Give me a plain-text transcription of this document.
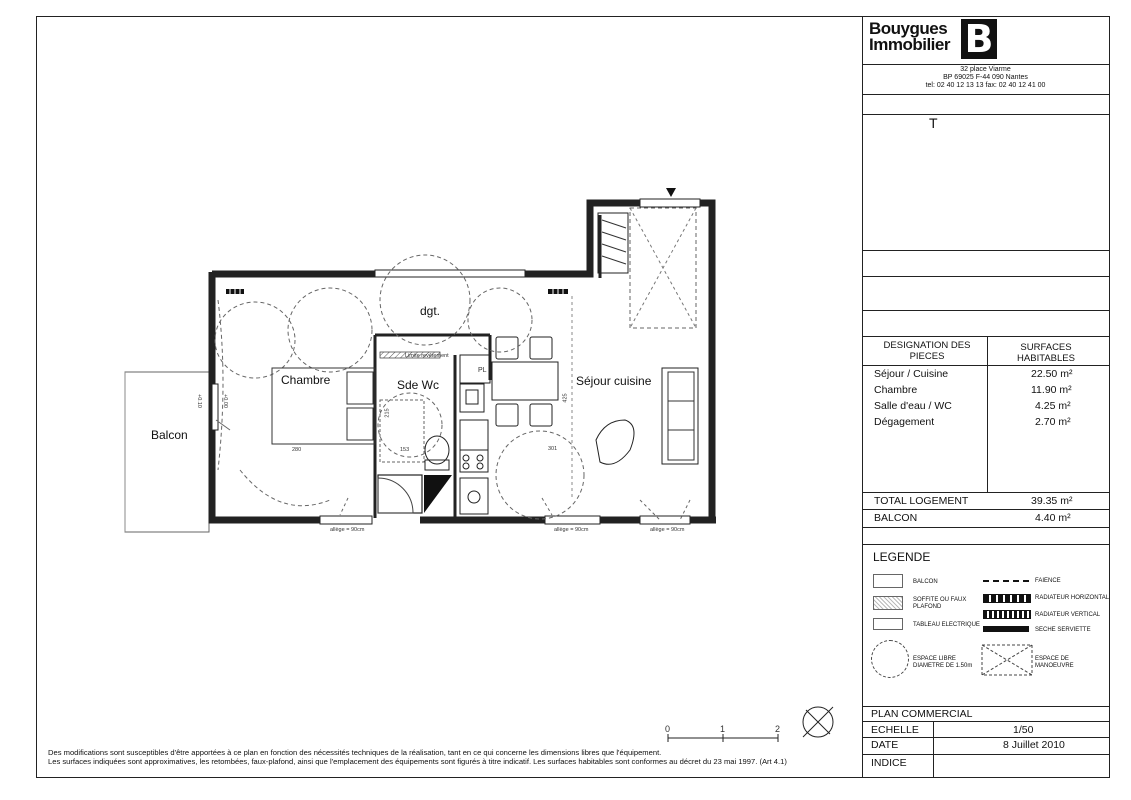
dgt.
Séjour cuisine
Chambre	Sde Wc
Balcon
PL
280	153	301
425
215
+0.10	+0.00
allège = 90cm	allège = 90cm	allège = 90cm
Limite revêtement
0	1	2
Des modifications sont susceptibles d'être apportées à ce plan en fonction des nécessités techniques de la réalisation, tant en ce qui concerne les dimensions libres que l'équipement.
Les surfaces indiquées sont approximatives, les retombées, faux-plafond, ainsi que l'emplacement des équipements sont figurés à titre indicatif. Les surfaces habitables sont conformes au décret du 23 mai 1997. (Art 4.1)
Bouygues
Immobilier B
32 place Viarme
BP 69025 F-44 090 Nantes
tel: 02 40 12 13 13 fax: 02 40 12 41 00
T
DESIGNATION DES PIECES
SURFACES HABITABLES
Séjour / Cuisine	22.50 m²
Chambre	11.90 m²
Salle d'eau / WC	4.25 m²
Dégagement	2.70 m²
TOTAL LOGEMENT	39.35 m²
BALCON	4.40 m²
LEGENDE
BALCON
SOFFITE OU FAUX PLAFOND
TABLEAU ELECTRIQUE
ESPACE LIBRE DIAMETRE DE 1.50m
FAIENCE
RADIATEUR HORIZONTAL
RADIATEUR VERTICAL
SECHE SERVIETTE
ESPACE DE MANOEUVRE
PLAN COMMERCIAL
ECHELLE	1/50
DATE	8 Juillet 2010
INDICE
